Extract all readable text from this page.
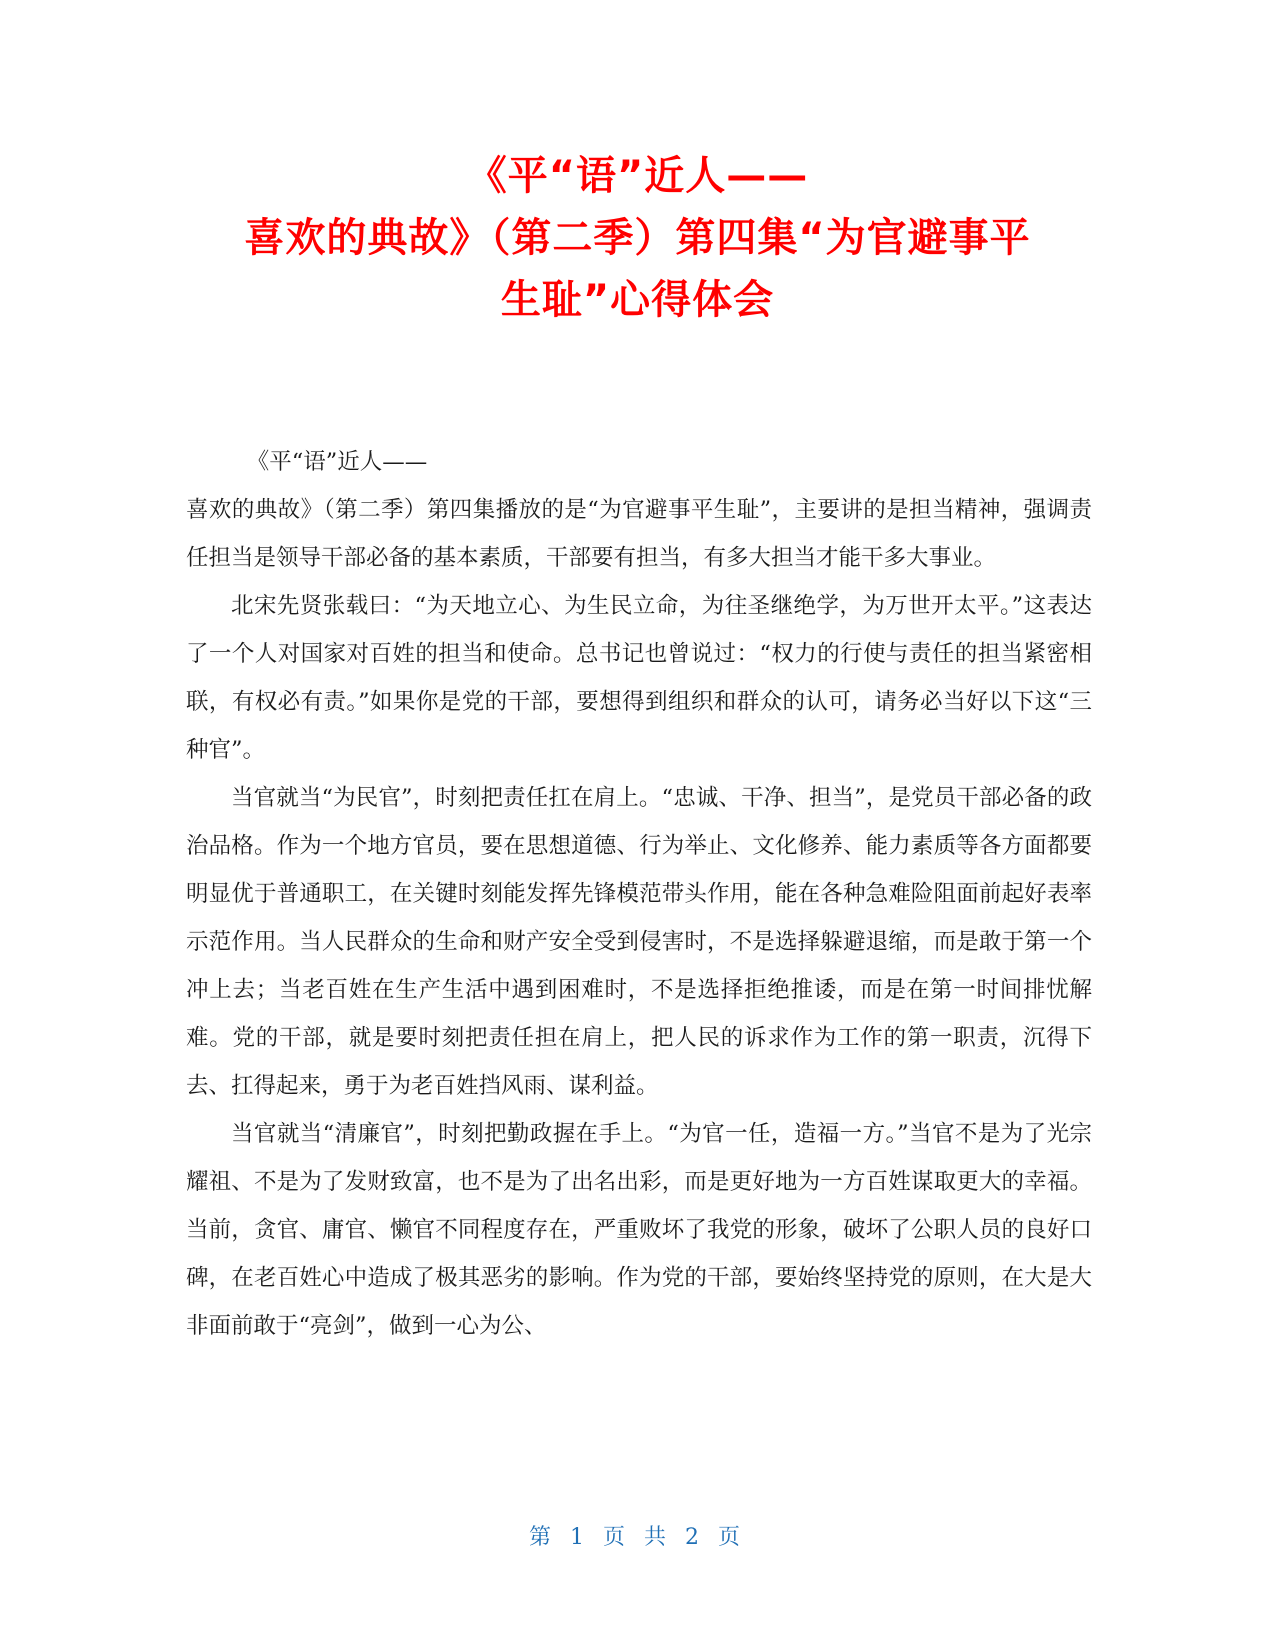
《平“语”近人——
喜欢的典故》（第二季）第四集“为官避事平
生耻”心得体会

《平“语”近人——

喜欢的典故》（第二季）第四集播放的是“为官避事平生耻”，主要讲的是担当精神，强调责任担当是领导干部必备的基本素质，干部要有担当，有多大担当才能干多大事业。

北宋先贤张载曰：“为天地立心、为生民立命，为往圣继绝学，为万世开太平。”这表达了一个人对国家对百姓的担当和使命。总书记也曾说过：“权力的行使与责任的担当紧密相联，有权必有责。”如果你是党的干部，要想得到组织和群众的认可，请务必当好以下这“三种官”。

当官就当“为民官”，时刻把责任扛在肩上。“忠诚、干净、担当”，是党员干部必备的政治品格。作为一个地方官员，要在思想道德、行为举止、文化修养、能力素质等各方面都要明显优于普通职工，在关键时刻能发挥先锋模范带头作用，能在各种急难险阻面前起好表率示范作用。当人民群众的生命和财产安全受到侵害时，不是选择躲避退缩，而是敢于第一个冲上去；当老百姓在生产生活中遇到困难时，不是选择拒绝推诿，而是在第一时间排忧解难。党的干部，就是要时刻把责任担在肩上，把人民的诉求作为工作的第一职责，沉得下去、扛得起来，勇于为老百姓挡风雨、谋利益。

当官就当“清廉官”，时刻把勤政握在手上。“为官一任，造福一方。”当官不是为了光宗耀祖、不是为了发财致富，也不是为了出名出彩，而是更好地为一方百姓谋取更大的幸福。当前，贪官、庸官、懒官不同程度存在，严重败坏了我党的形象，破坏了公职人员的良好口碑，在老百姓心中造成了极其恶劣的影响。作为党的干部，要始终坚持党的原则，在大是大非面前敢于“亮剑”，做到一心为公、

第 1 页 共 2 页
